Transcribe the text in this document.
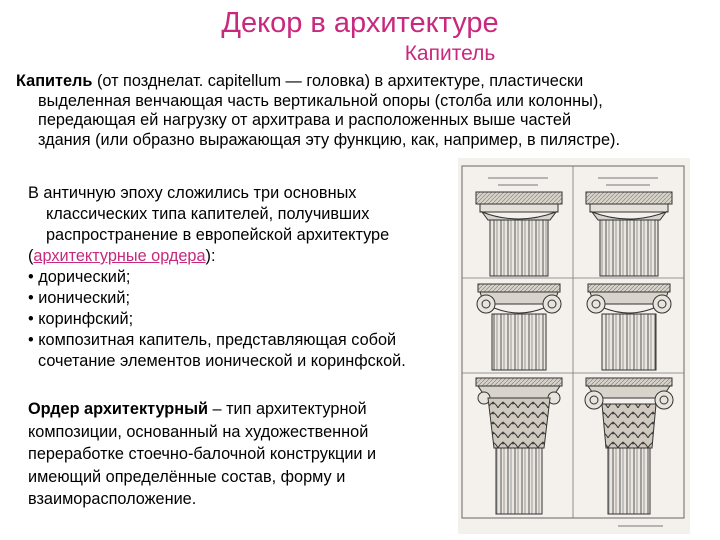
Декор в архитектуре
Капитель
Капитель (от позднелат. capitellum — головка) в архитектуре, пластически
выделенная венчающая часть вертикальной опоры (столба или колонны),
передающая ей нагрузку от архитрава и расположенных выше частей
здания (или образно выражающая эту функцию, как, например, в пилястре).
В античную эпоху сложились три основных
классических типа капителей, получивших
распространение в европейской архитектуре
(архитектурные ордера):
• дорический;
• ионический;
• коринфский;
• композитная капитель, представляющая собой
сочетание элементов ионической и коринфской.
Ордер архитектурный – тип архитектурной
композиции, основанный на художественной
переработке стоечно-балочной конструкции и
имеющий определённые состав, форму и
взаиморасположение.
